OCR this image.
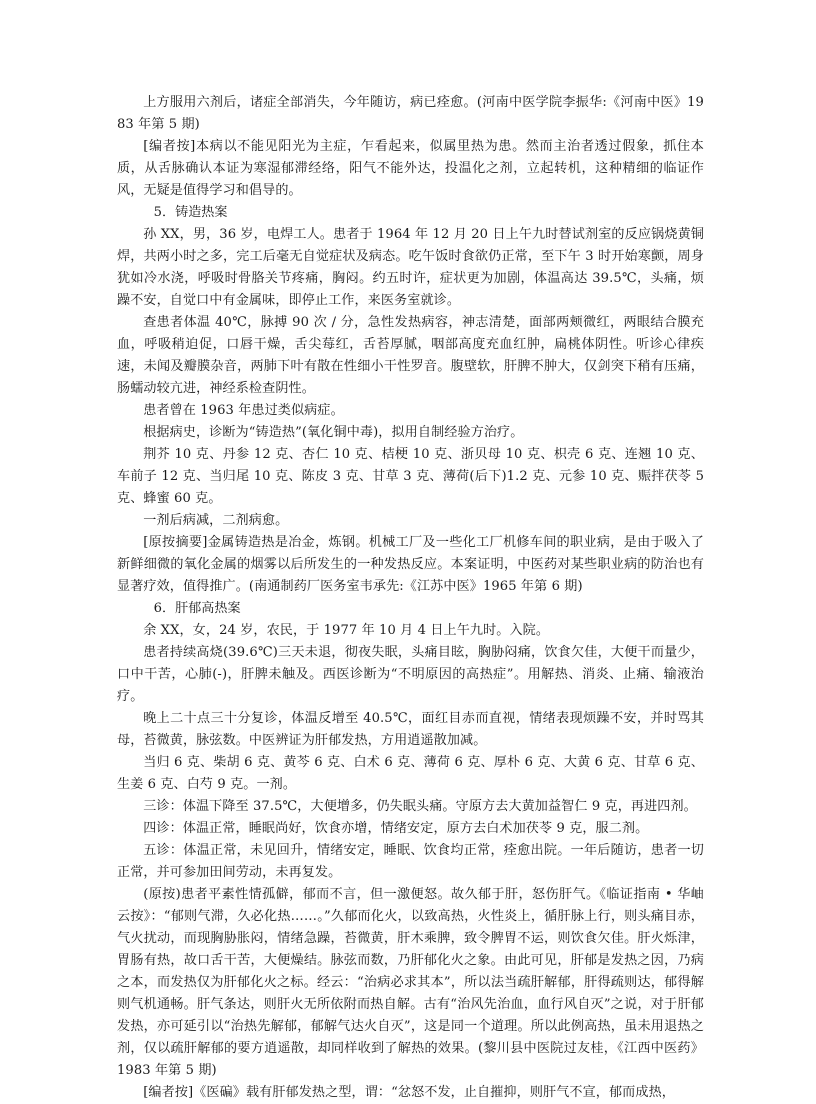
上方服用六剂后，诸症全部消失，今年随访，病已痊愈。(河南中医学院李振华:《河南中医》1983 年第 5 期)

[编者按]本病以不能见阳光为主症，乍看起来，似属里热为患。然而主治者透过假象，抓住本质，从舌脉确认本证为寒湿郁滞经络，阳气不能外达，投温化之剂，立起转机，这种精细的临证作风，无疑是值得学习和倡导的。

5．铸造热案

孙 XX，男，36 岁，电焊工人。患者于 1964 年 12 月 20 日上午九时替试剂室的反应锅烧黄铜焊，共两小时之多，完工后毫无自觉症状及病态。吃午饭时食欲仍正常，至下午 3 时开始寒颤，周身犹如冷水浇，呼吸时骨胳关节疼痛，胸闷。约五时许，症状更为加剧，体温高达 39.5℃，头痛，烦躁不安，自觉口中有金属味，即停止工作，来医务室就诊。

查患者体温 40℃，脉搏 90 次 / 分，急性发热病容，神志清楚，面部两颊微红，两眼结合膜充血，呼吸稍迫促，口唇干燥，舌尖莓红，舌苔厚腻，咽部高度充血红肿，扁桃体阴性。听诊心律疾速，未闻及瓣膜杂音，两肺下叶有散在性细小干性罗音。腹壁软，肝脾不肿大，仅剑突下稍有压痛，肠蠕动较亢进，神经系检查阴性。

患者曾在 1963 年患过类似病症。

根据病史，诊断为“铸造热”(氧化铜中毒)，拟用自制经验方治疗。

荆芥 10 克、丹参 12 克、杏仁 10 克、桔梗 10 克、浙贝母 10 克、枳壳 6 克、连翘 10 克、车前子 12 克、当归尾 10 克、陈皮 3 克、甘草 3 克、薄荷(后下)1.2 克、元参 10 克、赈拌茯苓 5 克、蜂蜜 60 克。

一剂后病减，二剂病愈。

[原按摘要]金属铸造热是冶金，炼钢。机械工厂及一些化工厂机修车间的职业病，是由于吸入了新鲜细微的氧化金属的烟雾以后所发生的一种发热反应。本案证明，中医药对某些职业病的防治也有显著疗效，值得推广。(南通制药厂医务室韦承先:《江苏中医》1965 年第 6 期)

6．肝郁高热案

余 XX，女，24 岁，农民，于 1977 年 10 月 4 日上午九时。入院。

患者持续高烧(39.6℃)三天未退，彻夜失眠，头痛目眩，胸胁闷痛，饮食欠佳，大便干而量少，口中干苦，心肺(-)，肝脾未触及。西医诊断为“不明原因的高热症”。用解热、消炎、止痛、输液治疗。

晚上二十点三十分复诊，体温反增至 40.5℃，面红目赤而直视，情绪表现烦躁不安，并时骂其母，苔微黄，脉弦数。中医辨证为肝郁发热，方用逍遥散加减。

当归 6 克、柴胡 6 克、黄芩 6 克、白术 6 克、薄荷 6 克、厚朴 6 克、大黄 6 克、甘草 6 克、生姜 6 克、白芍 9 克。一剂。

三诊：体温下降至 37.5℃，大便增多，仍失眠头痛。守原方去大黄加益智仁 9 克，再进四剂。

四诊：体温正常，睡眠尚好，饮食亦增，情绪安定，原方去白术加茯苓 9 克，服二剂。

五诊：体温正常，未见回升，情绪安定，睡眠、饮食均正常，痊愈出院。一年后随访，患者一切正常，并可参加田间劳动，未再复发。

(原按)患者平素性情孤僻，郁而不言，但一激便怒。故久郁于肝，怒伤肝气。《临证指南 • 华岫云按》：“郁则气滞，久必化热……。”久郁而化火，以致高热，火性炎上，循肝脉上行，则头痛目赤，气火扰动，而现胸胁胀闷，情绪急躁，苔微黄，肝木乘脾，致令脾胃不运，则饮食欠佳。肝火烁津，胃肠有热，故口舌干苦，大便燥结。脉弦而数，乃肝郁化火之象。由此可见，肝郁是发热之因，乃病之本，而发热仅为肝郁化火之标。经云：“治病必求其本”，所以法当疏肝解郁，肝得疏则达，郁得解则气机通畅。肝气条达，则肝火无所依附而热自解。古有“治风先治血，血行风自灭”之说，对于肝郁发热，亦可延引以“治热先解郁，郁解气达火自灭”，这是同一个道理。所以此例高热，虽未用退热之剂，仅以疏肝解郁的要方逍遥散，却同样收到了解热的效果。(黎川县中医院过友桂，《江西中医药》1983 年第 5 期)

[编者按]《医碥》载有肝郁发热之型，谓：“忿怒不发，止自摧抑，则肝气不宣，郁而成热，
